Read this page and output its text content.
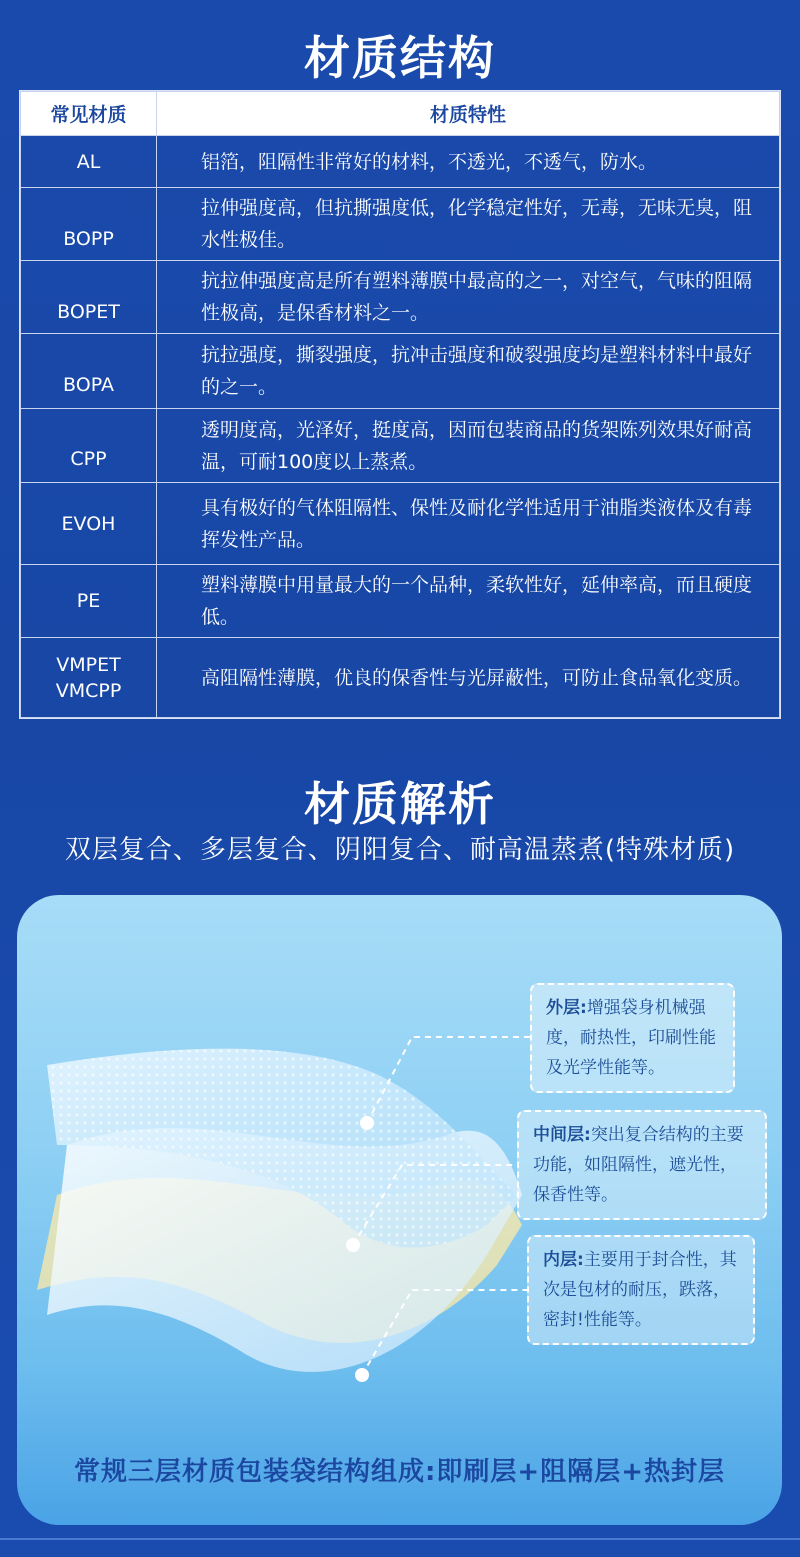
材质结构
常见材质	材质特性
AL	铝箔，阻隔性非常好的材料，不透光，不透气，防水。
BOPP	拉伸强度高，但抗撕强度低，化学稳定性好，无毒，无味无臭，阻水性极佳。
BOPET	抗拉伸强度高是所有塑料薄膜中最高的之一，对空气，气味的阻隔性极高，是保香材料之一。
BOPA	抗拉强度，撕裂强度，抗冲击强度和破裂强度均是塑料材料中最好的之一。
CPP	透明度高，光泽好，挺度高，因而包装商品的货架陈列效果好耐高温，可耐100度以上蒸煮。
EVOH	具有极好的气体阻隔性、保性及耐化学性适用于油脂类液体及有毒挥发性产品。
PE	塑料薄膜中用量最大的一个品种，柔软性好，延伸率高，而且硬度低。

VMPET
VMCPP	高阻隔性薄膜，优良的保香性与光屏蔽性，可防止食品氧化变质。
材质解析
双层复合、多层复合、阴阳复合、耐高温蒸煮(特殊材质)
外层:增强袋身机械强度，耐热性，印刷性能及光学性能等。
中间层:突出复合结构的主要功能，如阻隔性，遮光性，保香性等。
内层:主要用于封合性，其次是包材的耐压，跌落，密封!性能等。
常规三层材质包装袋结构组成:即刷层+阻隔层+热封层
